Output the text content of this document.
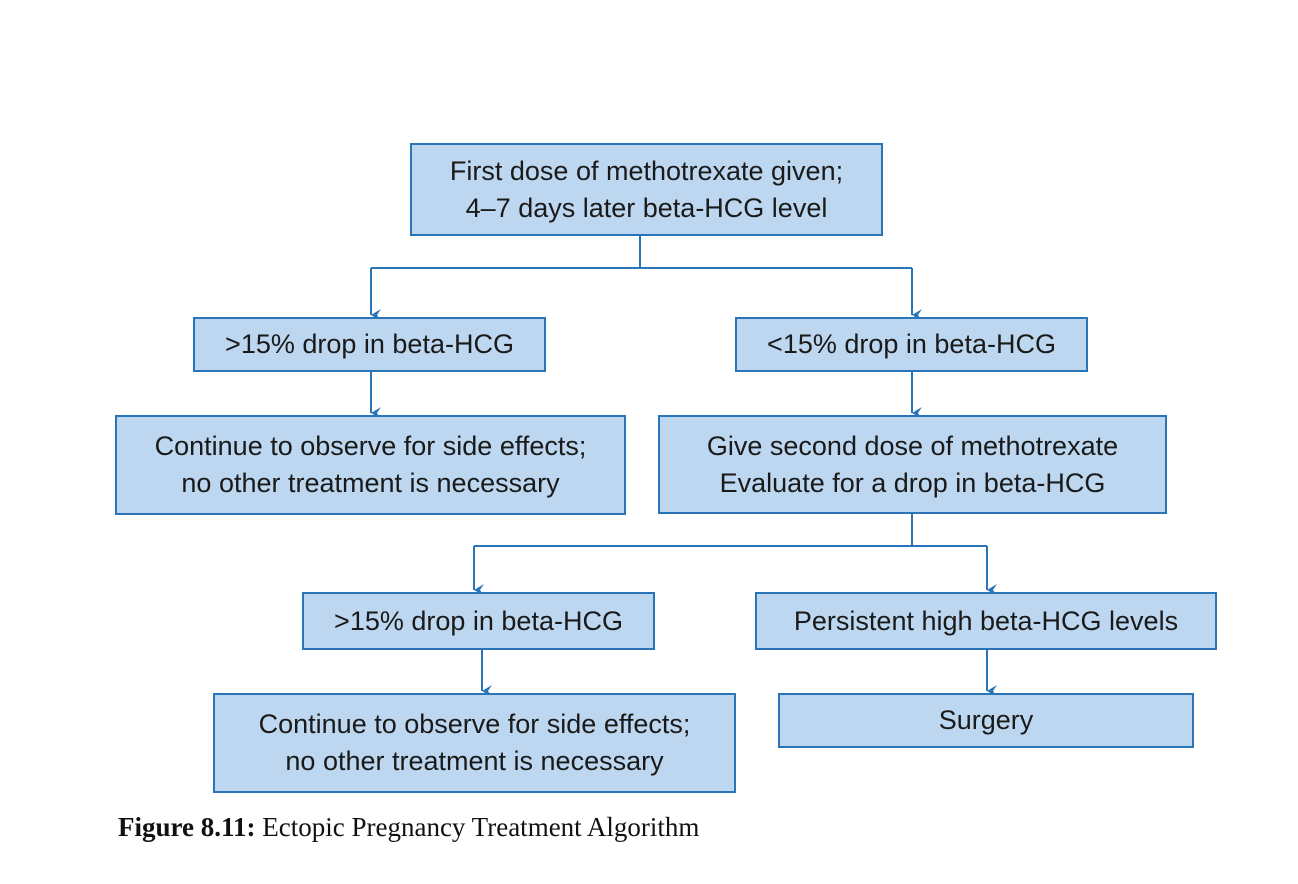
First dose of methotrexate given;
4–7 days later beta-HCG level
>15% drop in beta-HCG	<15% drop in beta-HCG
Continue to observe for side effects;
no other treatment is necessary
Give second dose of methotrexate
Evaluate for a drop in beta-HCG
>15% drop in beta-HCG	Persistent high beta-HCG levels
Continue to observe for side effects;
no other treatment is necessary
Surgery
Figure 8.11: Ectopic Pregnancy Treatment Algorithm
